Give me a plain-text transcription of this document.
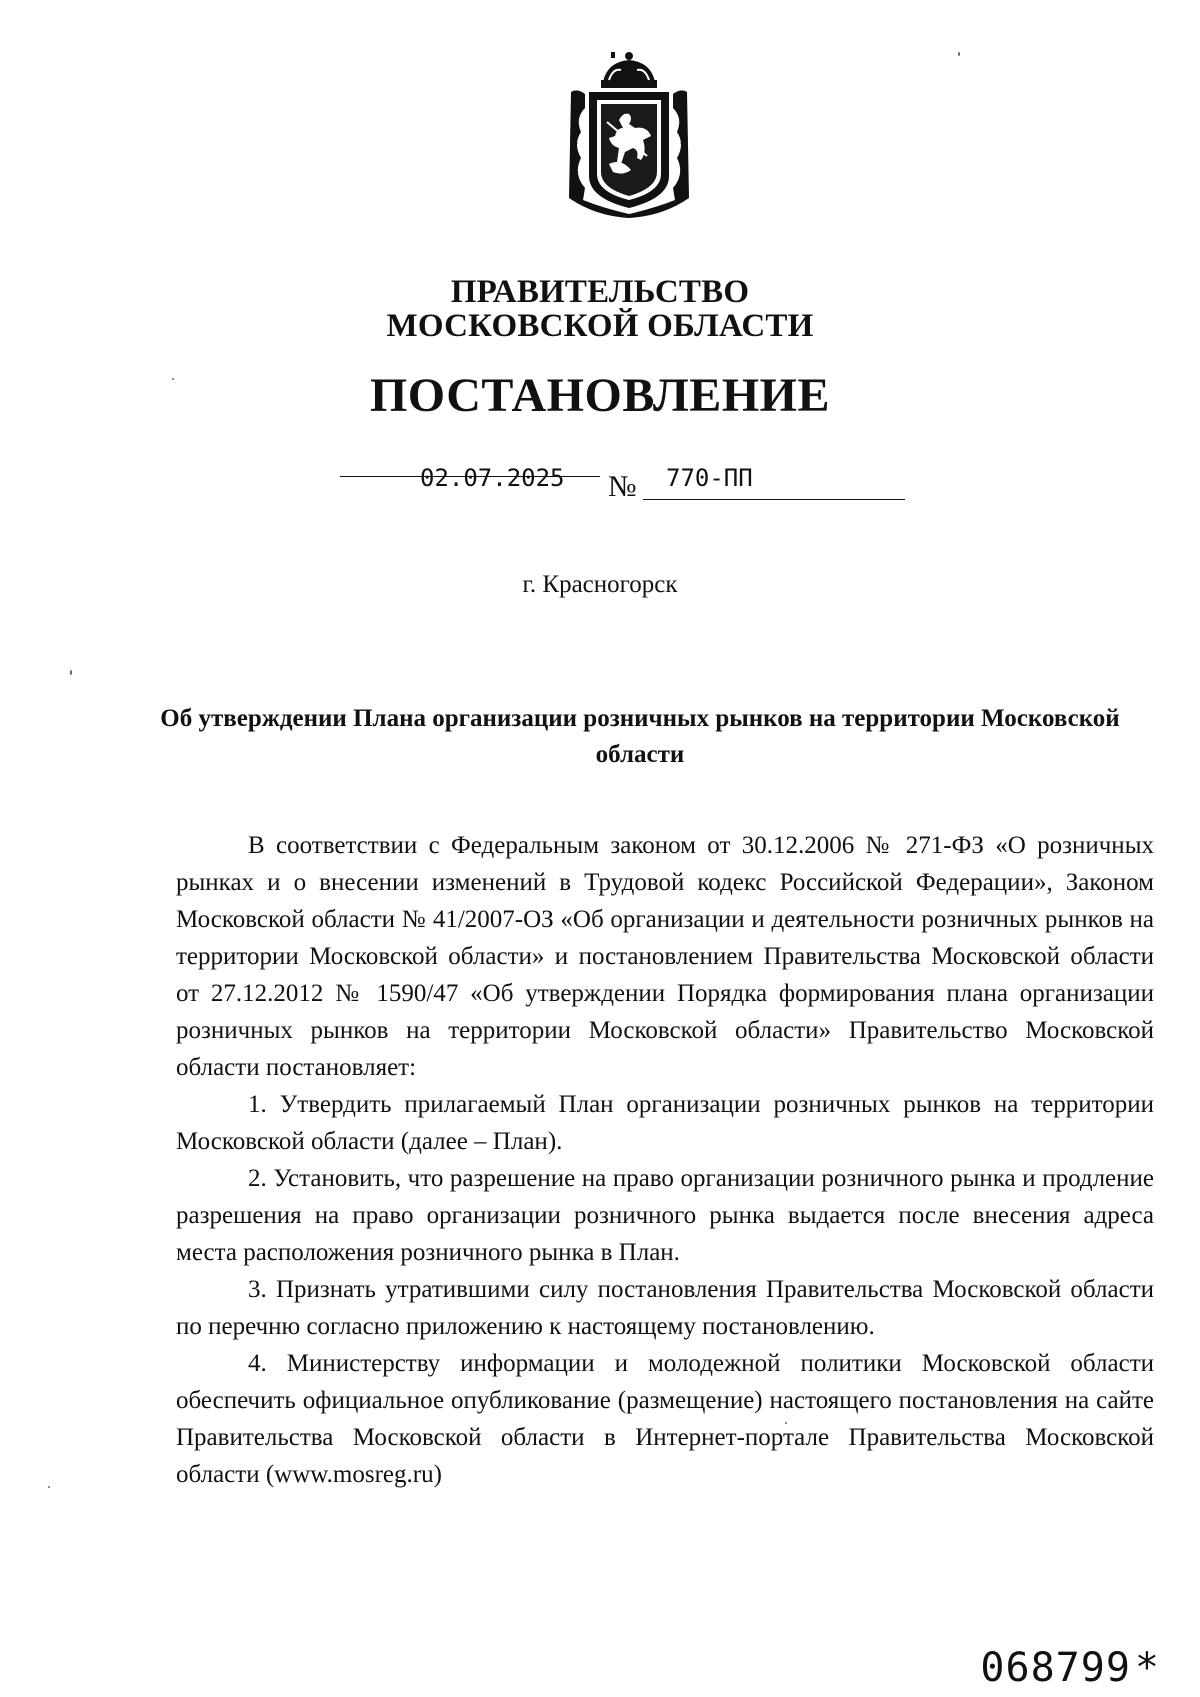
ПРАВИТЕЛЬСТВО
МОСКОВСКОЙ ОБЛАСТИ
ПОСТАНОВЛЕНИЕ
02.07.2025 № 770-ПП
г. Красногорск
Об утверждении Плана организации розничных рынков на территории Московской области

В соответствии с Федеральным законом от 30.12.2006 № 271-ФЗ «О розничных рынках и о внесении изменений в Трудовой кодекс Российской Федерации», Законом Московской области № 41/2007-ОЗ «Об организации и деятельности розничных рынков на территории Московской области» и постановлением Правительства Московской области от 27.12.2012 № 1590/47 «Об утверждении Порядка формирования плана организации розничных рынков на территории Московской области» Правительство Московской области постановляет:

1. Утвердить прилагаемый План организации розничных рынков на территории Московской области (далее – План).

2. Установить, что разрешение на право организации розничного рынка и продление разрешения на право организации розничного рынка выдается после внесения адреса места расположения розничного рынка в План.

3. Признать утратившими силу постановления Правительства Московской области по перечню согласно приложению к настоящему постановлению.

4. Министерству информации и молодежной политики Московской области обеспечить официальное опубликование (размещение) настоящего постановления на сайте Правительства Московской области в Интернет-портале Правительства Московской области (www.mosreg.ru)

068799 *
